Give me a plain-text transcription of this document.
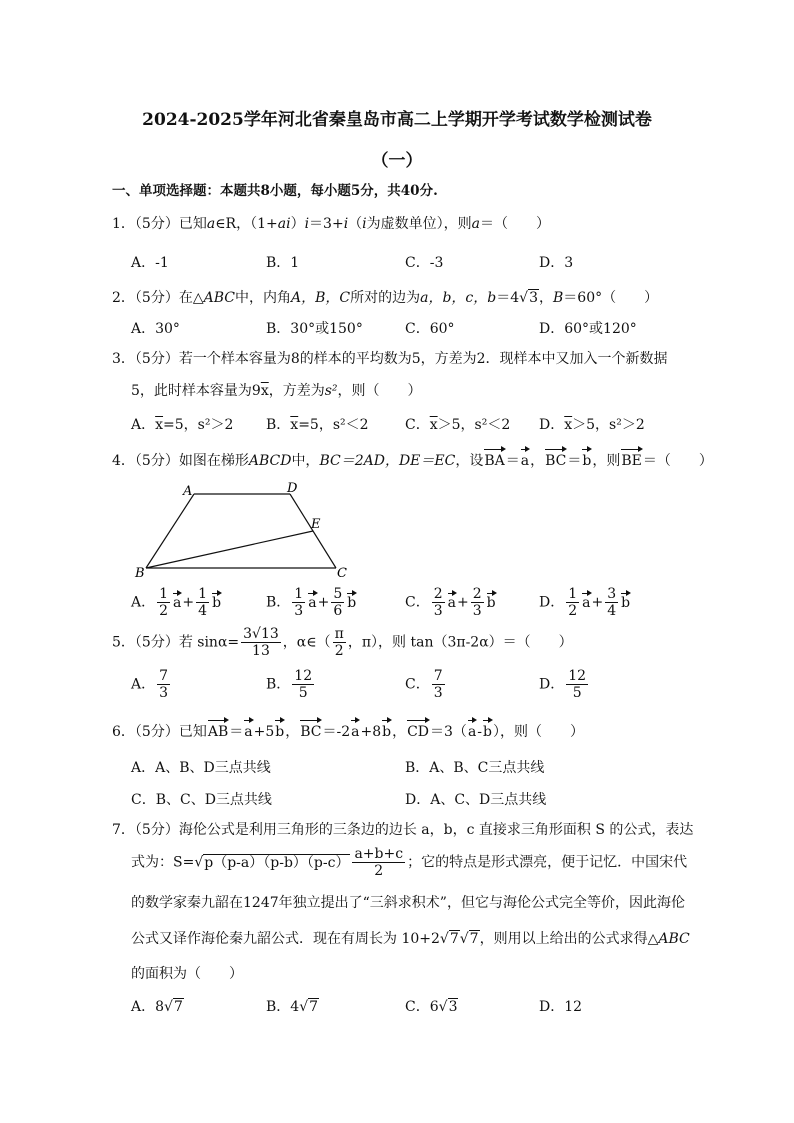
2024-2025学年河北省秦皇岛市高二上学期开学考试数学检测试卷
（一）
一、单项选择题：本题共8小题，每小题5分，共40分.
1．（5分）已知a∈R，（1+ai）i＝3+i（i为虚数单位），则a＝（　　）
A．-1	B．1	C．-3	D．3
2．（5分）在△ABC中，内角A，B，C所对的边为a，b，c，b＝4√3，B＝60°（　　）
A．30°	B．30°或150°	C．60°	D．60°或120°
3．（5分）若一个样本容量为8的样本的平均数为5，方差为2．现样本中又加入一个新数据
5，此时样本容量为$9\overline{x}$，方差为s²，则（　　）
A．$\overline{x}=5$，s²＞2 B．$\overline{x}=5$，s²＜2	C．$\overline{x}>5$，s²＜2 D．$\overline{x}>5$，s²＞2
4．（5分）如图在梯形ABCD中，BC＝2AD，DE＝EC，设BA＝a，BC＝b，则BE＝（　　）
A	D
E
B	C
A． $\frac{1}{2} a+ \frac{1}{4}$ b	B． $\frac{1}{3} a+ \frac{5}{6}$ b	C． $\frac{2}{3} a+ \frac{2}{3}$ b	D． $\frac{1}{2} a+ \frac{3}{4}$ b
5．（5分）若 $\sin\alpha= \frac{3√13}{13}$ ，α∈（ $\frac{\pi}{2}$ ，π），则 tan（3π-2α）＝（　　）
A． $\frac{7}{3}$	B． $\frac{12}{5}$	C． $\frac{7}{3}$	D． $\frac{12}{5}$
6．（5分）已知AB＝a+5b，BC＝-2a+8b，CD＝3（a-b），则（　　）
A．A、B、D三点共线	B．A、B、C三点共线
C．B、C、D三点共线	D．A、C、D三点共线
7．（5分）海伦公式是利用三角形的三条边的边长 a，b，c 直接求三角形面积 S 的公式，表达
式为：$S=√p(p-a)(p-b)(p-c) \frac{a+b+c}{2}$ ；它的特点是形式漂亮，便于记忆．中国宋代
的数学家秦九韶在1247年独立提出了“三斜求积术”，但它与海伦公式完全等价，因此海伦
公式又译作海伦秦九韶公式．现在有周长为 10+2√7√7，则用以上给出的公式求得△ABC
的面积为（　　）
A．8√7	B．4√7	C．6√3	D．12
